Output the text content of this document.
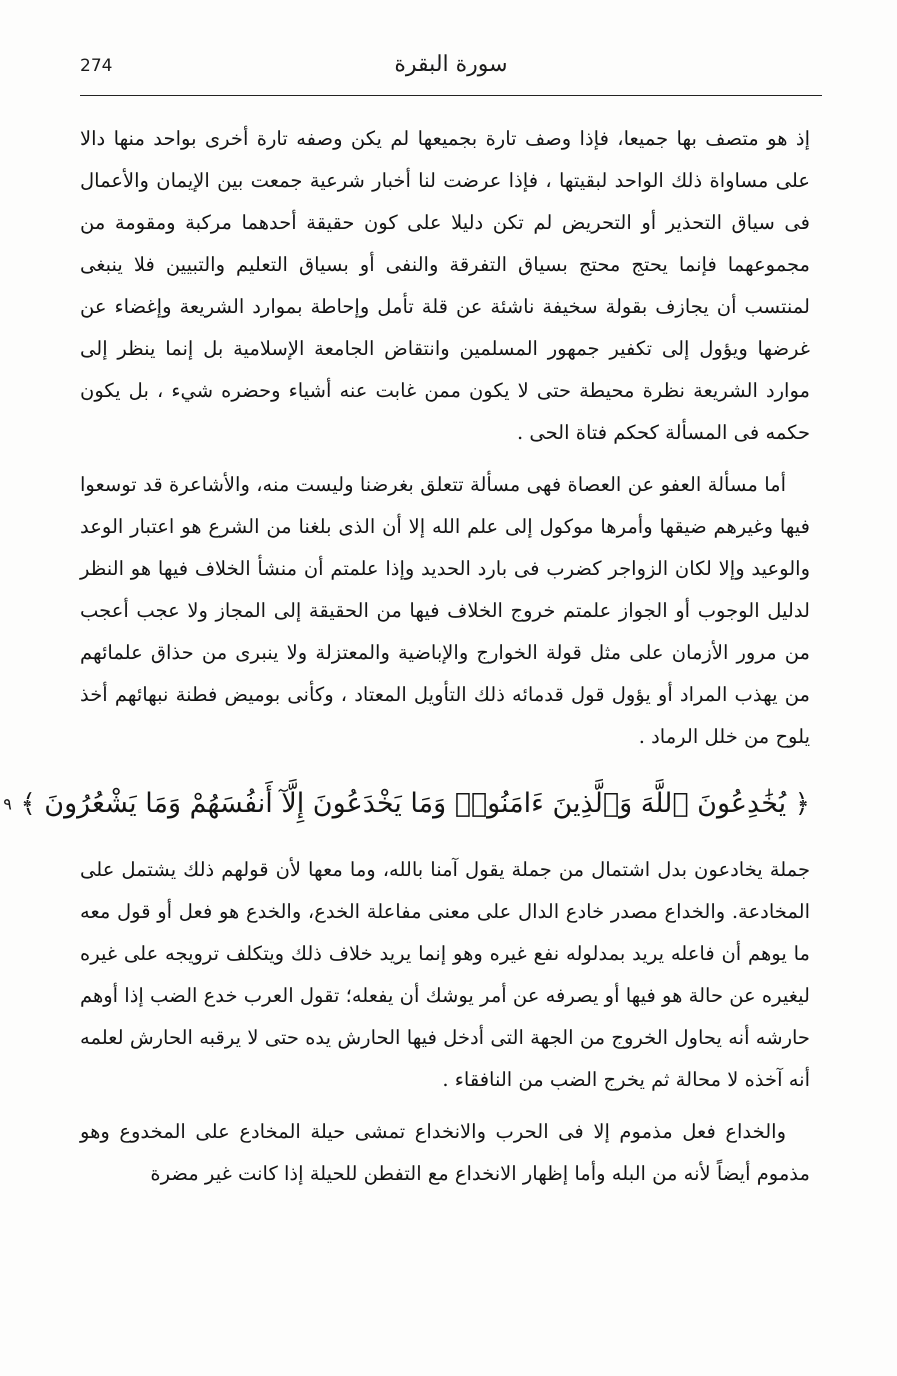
274	سورة البقرة

إذ هو متصف بها جميعا، فإذا وصف تارة بجميعها لم يكن وصفه تارة أخرى بواحد منها دالا على مساواة ذلك الواحد لبقيتها ، فإذا عرضت لنا أخبار شرعية جمعت بين الإيمان والأعمال فى سياق التحذير أو التحريض لم تكن دليلا على كون حقيقة أحدهما مركبة ومقومة من مجموعهما فإنما يحتج محتج بسياق التفرقة والنفى أو بسياق التعليم والتبيين فلا ينبغى لمنتسب أن يجازف بقولة سخيفة ناشئة عن قلة تأمل وإحاطة بموارد الشريعة وإغضاء عن غرضها ويؤول إلى تكفير جمهور المسلمين وانتقاض الجامعة الإسلامية بل إنما ينظر إلى موارد الشريعة نظرة محيطة حتى لا يكون ممن غابت عنه أشياء وحضره شيء ، بل يكون حكمه فى المسألة كحكم فتاة الحى .

أما مسألة العفو عن العصاة فهى مسألة تتعلق بغرضنا وليست منه، والأشاعرة قد توسعوا فيها وغيرهم ضيقها وأمرها موكول إلى علم الله إلا أن الذى بلغنا من الشرع هو اعتبار الوعد والوعيد وإلا لكان الزواجر كضرب فى بارد الحديد وإذا علمتم أن منشأ الخلاف فيها هو النظر لدليل الوجوب أو الجواز علمتم خروج الخلاف فيها من الحقيقة إلى المجاز ولا عجب أعجب من مرور الأزمان على مثل قولة الخوارج والإباضية والمعتزلة ولا ينبرى من حذاق علمائهم من يهذب المراد أو يؤول قول قدمائه ذلك التأويل المعتاد ، وكأنى بوميض فطنة نبهائهم أخذ يلوح من خلل الرماد .

﴿ يُخَٰدِعُونَ ٱللَّهَ وَٱلَّذِينَ ءَامَنُوا۟ وَمَا يَخْدَعُونَ إِلَّآ أَنفُسَهُمْ وَمَا يَشْعُرُونَ ﴾ ٩

جملة يخادعون بدل اشتمال من جملة يقول آمنا بالله، وما معها لأن قولهم ذلك يشتمل على المخادعة. والخداع مصدر خادع الدال على معنى مفاعلة الخدع، والخدع هو فعل أو قول معه ما يوهم أن فاعله يريد بمدلوله نفع غيره وهو إنما يريد خلاف ذلك ويتكلف ترويجه على غيره ليغيره عن حالة هو فيها أو يصرفه عن أمر يوشك أن يفعله؛ تقول العرب خدع الضب إذا أوهم حارشه أنه يحاول الخروج من الجهة التى أدخل فيها الحارش يده حتى لا يرقبه الحارش لعلمه أنه آخذه لا محالة ثم يخرج الضب من النافقاء .

والخداع فعل مذموم إلا فى الحرب والانخداع تمشى حيلة المخادع على المخدوع وهو مذموم أيضاً لأنه من البله وأما إظهار الانخداع مع التفطن للحيلة إذا كانت غير مضرة
